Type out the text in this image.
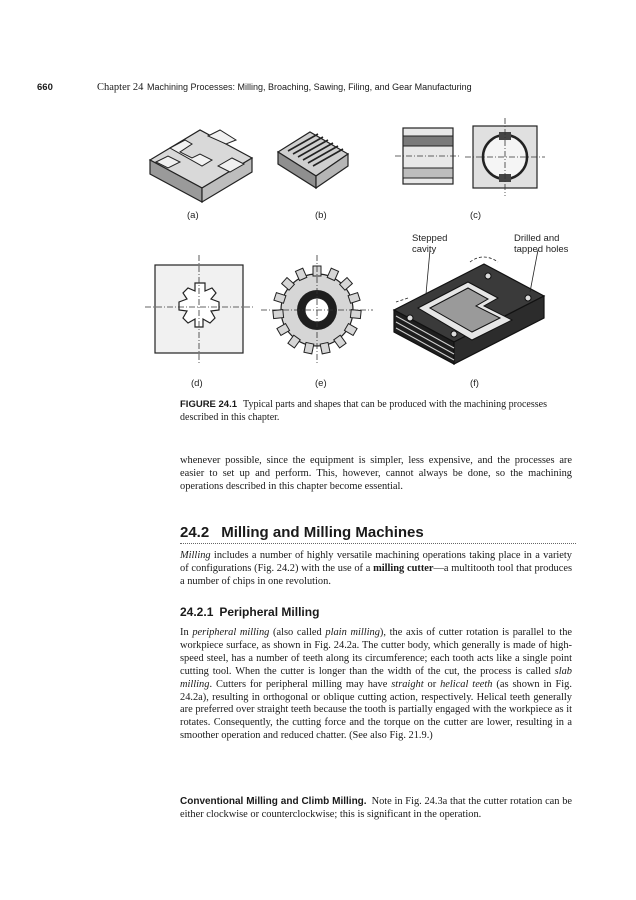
660	Chapter 24 Machining Processes: Milling, Broaching, Sawing, Filing, and Gear Manufacturing
(a)	(b)	(c)
Stepped
cavity
Drilled and
tapped holes
(d)	(e)	(f)
FIGURE 24.1 Typical parts and shapes that can be produced with the machining processes described in this chapter.
whenever possible, since the equipment is simpler, less expensive, and the processes are easier to set up and perform. This, however, cannot always be done, so the machining operations described in this chapter become essential.
24.2 Milling and Milling Machines
Milling includes a number of highly versatile machining operations taking place in a variety of configurations (Fig. 24.2) with the use of a milling cutter—a multitooth tool that produces a number of chips in one revolution.
24.2.1 Peripheral Milling
In peripheral milling (also called plain milling), the axis of cutter rotation is parallel to the workpiece surface, as shown in Fig. 24.2a. The cutter body, which generally is made of high-speed steel, has a number of teeth along its circumference; each tooth acts like a single point cutting tool. When the cutter is longer than the width of the cut, the process is called slab milling. Cutters for peripheral milling may have straight or helical teeth (as shown in Fig. 24.2a), resulting in orthogonal or oblique cutting action, respectively. Helical teeth generally are preferred over straight teeth because the tooth is partially engaged with the workpiece as it rotates. Consequently, the cutting force and the torque on the cutter are lower, resulting in a smoother operation and reduced chatter. (See also Fig. 21.9.)
Conventional Milling and Climb Milling. Note in Fig. 24.3a that the cutter rotation can be either clockwise or counterclockwise; this is significant in the operation.
